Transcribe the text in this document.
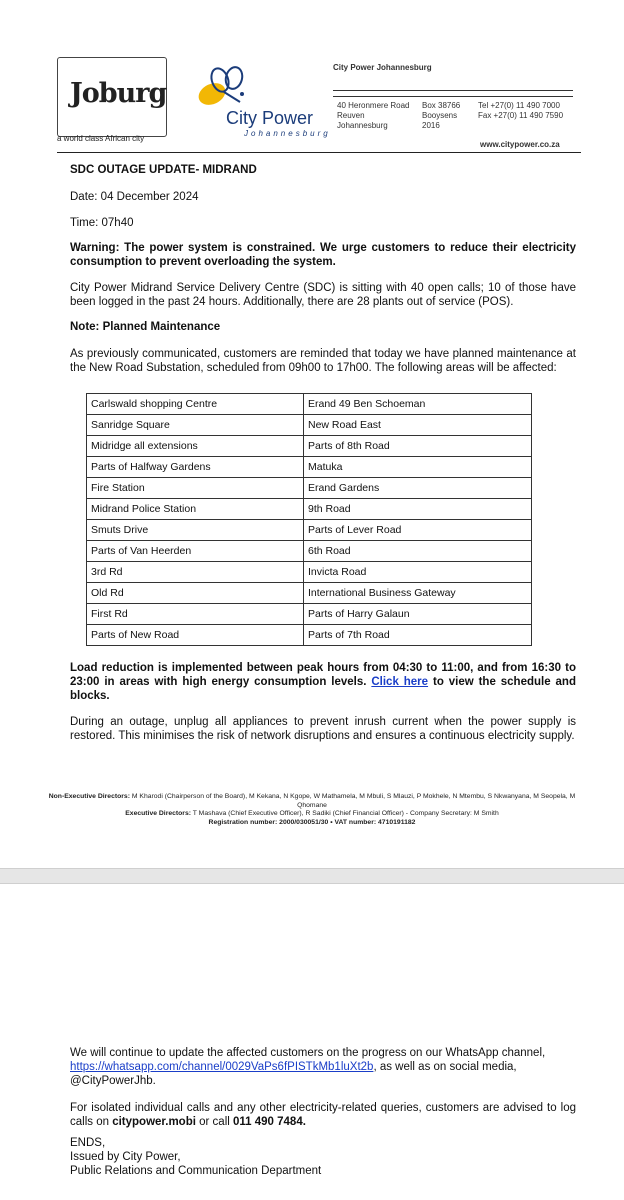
Joburg
a world class African city
City Power
Johannesburg
City Power Johannesburg
40 Heronmere Road
Reuven
Johannesburg
Box 38766
Booysens
2016
Tel +27(0) 11 490 7000
Fax +27(0) 11 490 7590
www.citypower.co.za
SDC OUTAGE UPDATE- MIDRAND
Date: 04 December 2024
Time: 07h40
Warning: The power system is constrained. We urge customers to reduce their electricity consumption to prevent overloading the system.
City Power Midrand Service Delivery Centre (SDC) is sitting with 40 open calls; 10 of those have been logged in the past 24 hours. Additionally, there are 28 plants out of service (POS).
Note: Planned Maintenance
As previously communicated, customers are reminded that today we have planned maintenance at the New Road Substation, scheduled from 09h00 to 17h00. The following areas will be affected:
Carlswald shopping Centre	Erand 49 Ben Schoeman
Sanridge Square	New Road East
Midridge all extensions	Parts of 8th Road
Parts of Halfway Gardens	Matuka
Fire Station	Erand Gardens
Midrand Police Station	9th Road
Smuts Drive	Parts of Lever Road
Parts of Van Heerden	6th Road
3rd Rd	Invicta Road
Old Rd	International Business Gateway
First Rd	Parts of Harry Galaun
Parts of New Road	Parts of 7th Road
Load reduction is implemented between peak hours from 04:30 to 11:00, and from 16:30 to 23:00 in areas with high energy consumption levels. Click here to view the schedule and blocks.
During an outage, unplug all appliances to prevent inrush current when the power supply is restored. This minimises the risk of network disruptions and ensures a continuous electricity supply.
Non-Executive Directors: M Kharodi (Chairperson of the Board), M Kekana, N Kgope, W Mathamela, M Mbuli, S Mlauzi, P Mokhele, N Mtembu, S Nkwanyana, M Seopela, M Qhomane
Executive Directors: T Mashava (Chief Executive Officer), R Sadiki (Chief Financial Officer) - Company Secretary: M Smith
Registration number: 2000/030051/30 • VAT number: 4710191182
We will continue to update the affected customers on the progress on our WhatsApp channel, https://whatsapp.com/channel/0029VaPs6fPISTkMb1luXt2b, as well as on social media, @CityPowerJhb.
For isolated individual calls and any other electricity-related queries, customers are advised to log calls on citypower.mobi or call 011 490 7484.
ENDS,
Issued by City Power,
Public Relations and Communication Department
